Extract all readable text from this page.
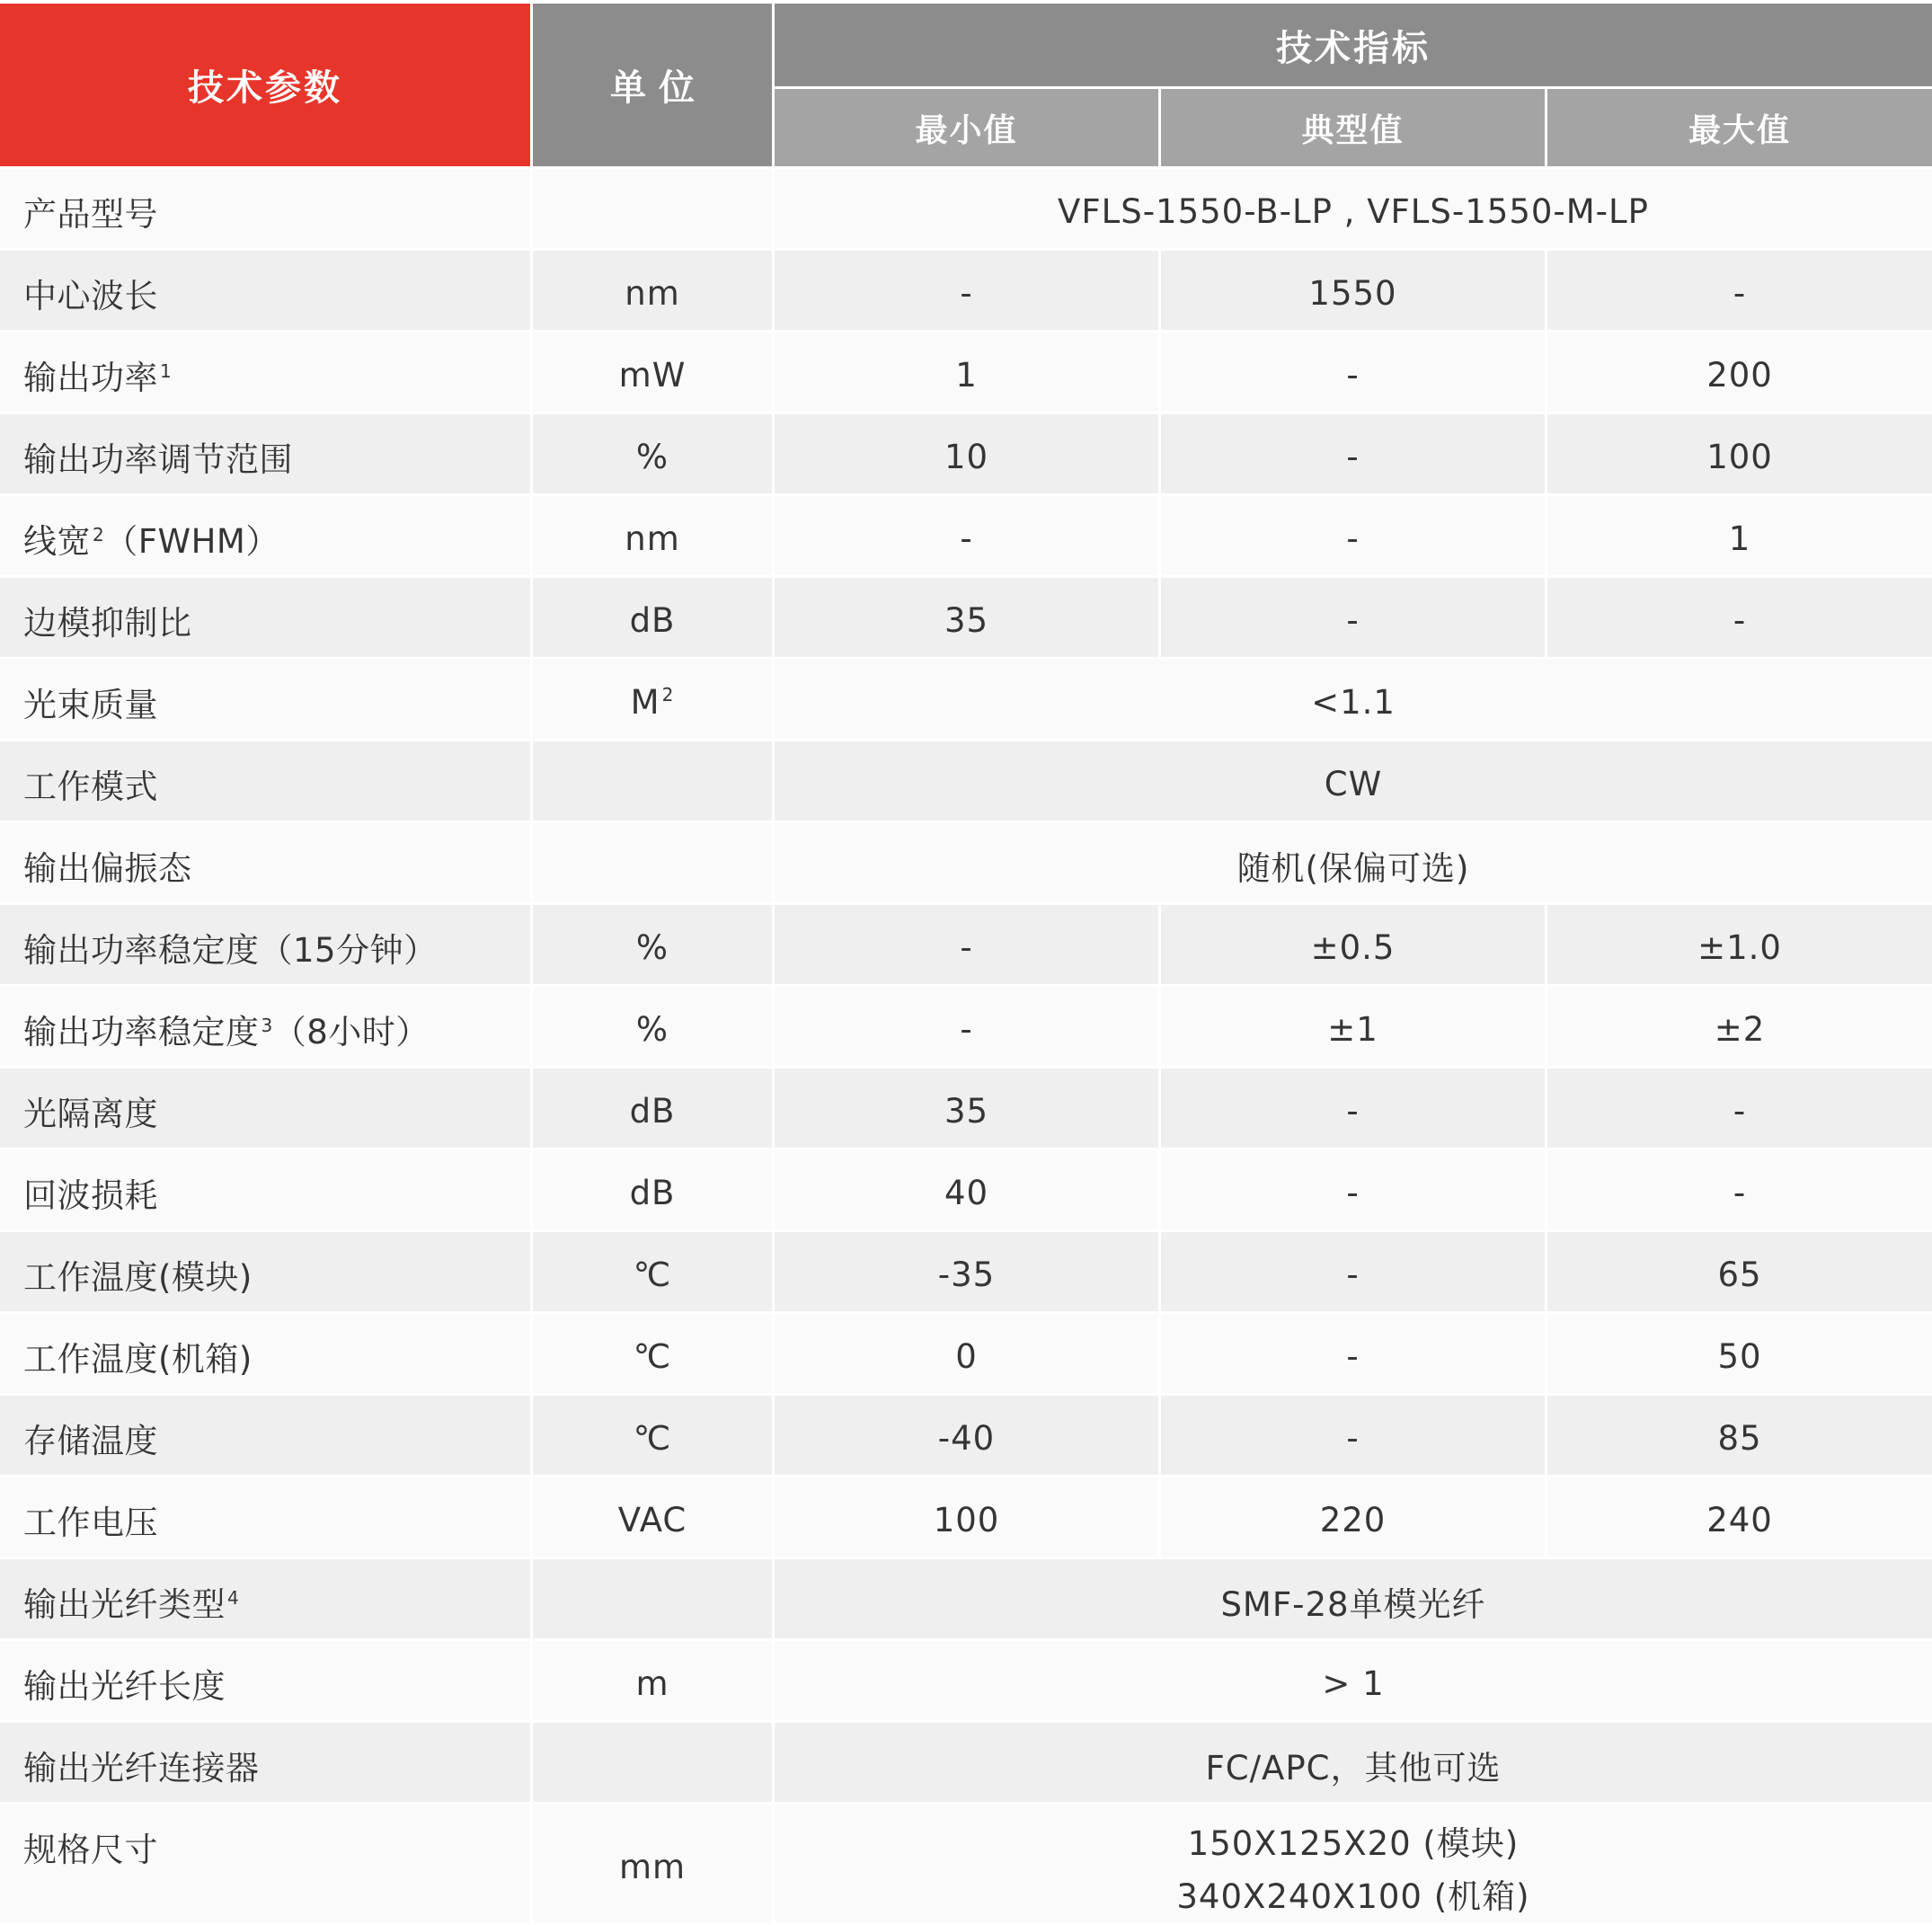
技术参数	单 位
技术指标
最小值	典型值	最大值
产品型号	VFLS-1550-B-LP , VFLS-1550-M-LP
中心波长	nm	-	1550	-
输出功率 $^1$	mW	1	-	200
输出功率调节范围	%	10	-	100
线宽 $^2$（FWHM）	nm	-	-	1
边模抑制比	dB	35	-	-
光束质量	M $^2$	<1.1
工作模式	CW
输出偏振态	随机(保偏可选)
输出功率稳定度（15分钟）	%	-	±0.5	±1.0
输出功率稳定度 $^3$（8小时）	%	-	±1	±2
光隔离度	dB	35	-	-
回波损耗	dB	40	-	-
工作温度(模块)	℃	-35	-	65
工作温度(机箱)	℃	0	-	50
存储温度	℃	-40	-	85
工作电压	VAC	100	220	240
输出光纤类型 $^4$	SMF-28单模光纤
输出光纤长度	m	> 1
输出光纤连接器	FC/APC，其他可选
规格尺寸	mm
150X125X20 (模块)
340X240X100 (机箱)
